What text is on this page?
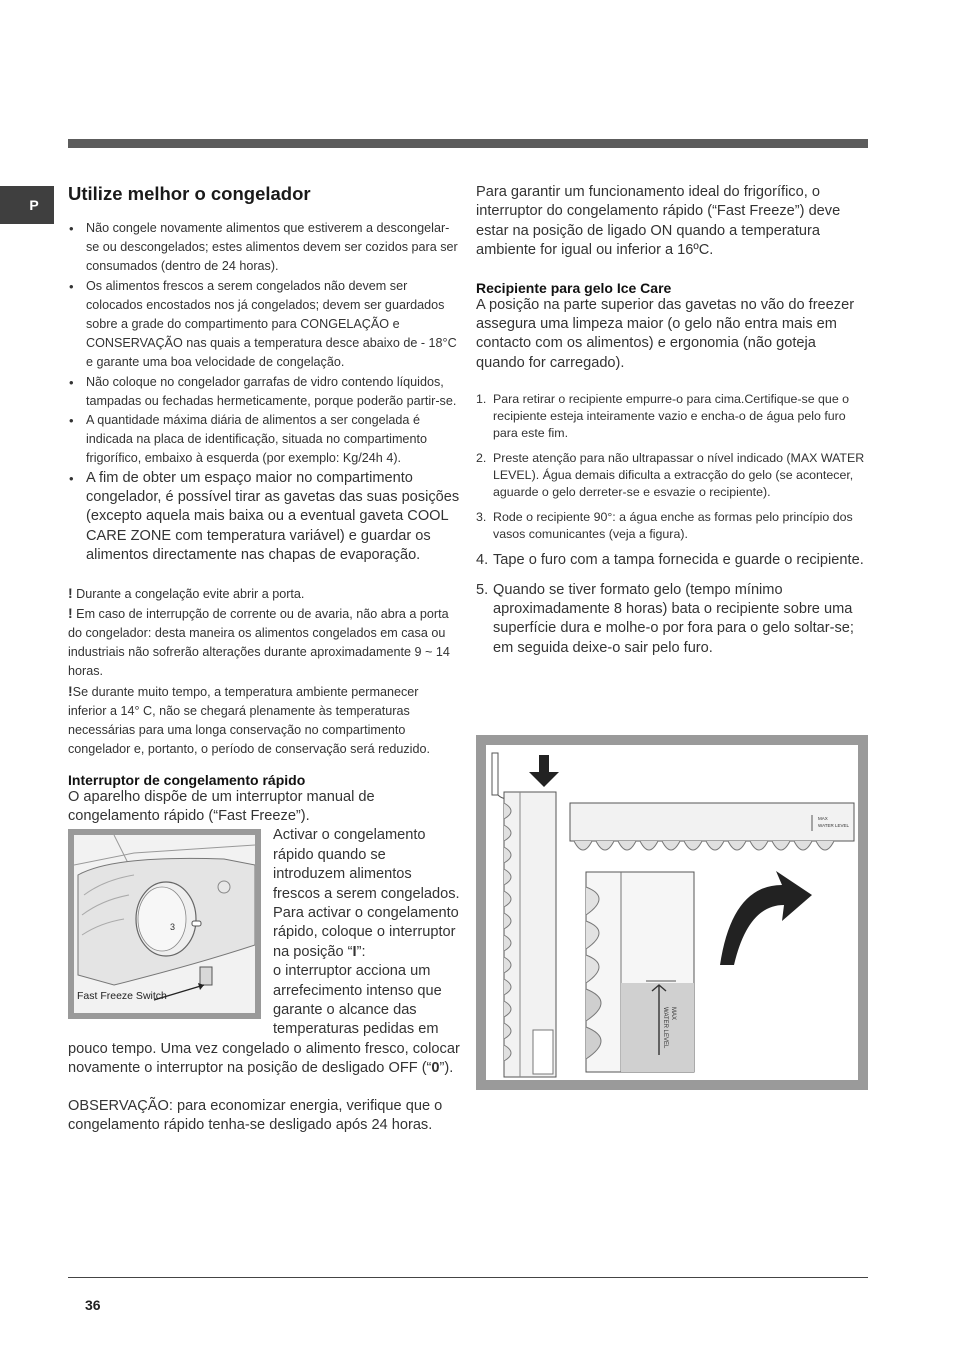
P
Utilize melhor o congelador
• Não congele novamente alimentos que estiverem a descongelar-se ou descongelados; estes alimentos devem ser cozidos para ser consumados (dentro de 24 horas).
• Os alimentos frescos a serem congelados não devem ser colocados encostados nos já congelados; devem ser guardados sobre a grade do compartimento para CONGELAÇÃO e CONSERVAÇÃO nas quais a temperatura desce abaixo de - 18°C e garante uma boa velocidade de congelação.
• Não coloque no congelador garrafas de vidro contendo líquidos, tampadas ou fechadas hermeticamente, porque poderão partir-se.
• A quantidade máxima diária de alimentos a ser congelada é indicada na placa de identificação, situada no compartimento frigorífico, embaixo à esquerda (por exemplo: Kg/24h 4).
• A fim de obter um espaço maior no compartimento congelador, é possível tirar as gavetas das suas posições (excepto aquela mais baixa ou a eventual gaveta COOL CARE ZONE com temperatura variável) e guardar os alimentos directamente nas chapas de evaporação.

! Durante a congelação evite abrir a porta.

! Em caso de interrupção de corrente ou de avaria, não abra a porta do congelador: desta maneira os alimentos congelados em casa ou industriais não sofrerão alterações durante aproximadamente 9 ~ 14 horas.

!Se durante muito tempo, a temperatura ambiente permanecer inferior a 14° C, não se chegará plenamente às temperaturas necessárias para uma longa conservação no compartimento congelador e, portanto, o período de conservação será reduzido.

Interruptor de congelamento rápido

O aparelho dispõe de um interruptor manual de congelamento rápido (“Fast Freeze”).

3
Fast Freeze Switch

Activar o congelamento rápido quando se introduzem alimentos frescos a serem congelados.

Para activar o congelamento rápido, coloque o interruptor na posição “I”:

o interruptor acciona um arrefecimento intenso que garante o alcance das temperaturas pedidas em pouco tempo. Uma vez congelado o alimento fresco, colocar novamente o interruptor na posição de desligado OFF (“0”).

OBSERVAÇÃO: para economizar energia, verifique que o congelamento rápido tenha-se desligado após 24 horas.

Para garantir um funcionamento ideal do frigorífico, o interruptor do congelamento rápido (“Fast Freeze”) deve estar na posição de ligado ON quando a temperatura ambiente for igual ou inferior a 16ºC.

Recipiente para gelo Ice Care

A posição na parte superior das gavetas no vão do freezer assegura uma limpeza maior (o gelo não entra mais em contacto com os alimentos) e ergonomia (não goteja quando for carregado).

1. Para retirar o recipiente empurre-o para cima.Certifique-se que o recipiente esteja inteiramente vazio e encha-o de água pelo furo para este fim.
2. Preste atenção para não ultrapassar o nível indicado (MAX WATER LEVEL). Água demais dificulta a extracção do gelo (se acontecer, aguarde o gelo derreter-se e esvazie o recipiente).
3. Rode o recipiente 90°: a água enche as formas pelo princípio dos vasos comunicantes (veja a figura).
4. Tape o furo com a tampa fornecida e guarde o recipiente.
5. Quando se tiver formato gelo (tempo mínimo aproximadamente 8 horas) bata o recipiente sobre uma superfície dura e molhe-o por fora para o gelo soltar-se; em seguida deixe-o sair pelo furo.
MAX
WATER LEVEL
MAX
WATER LEVEL
36
